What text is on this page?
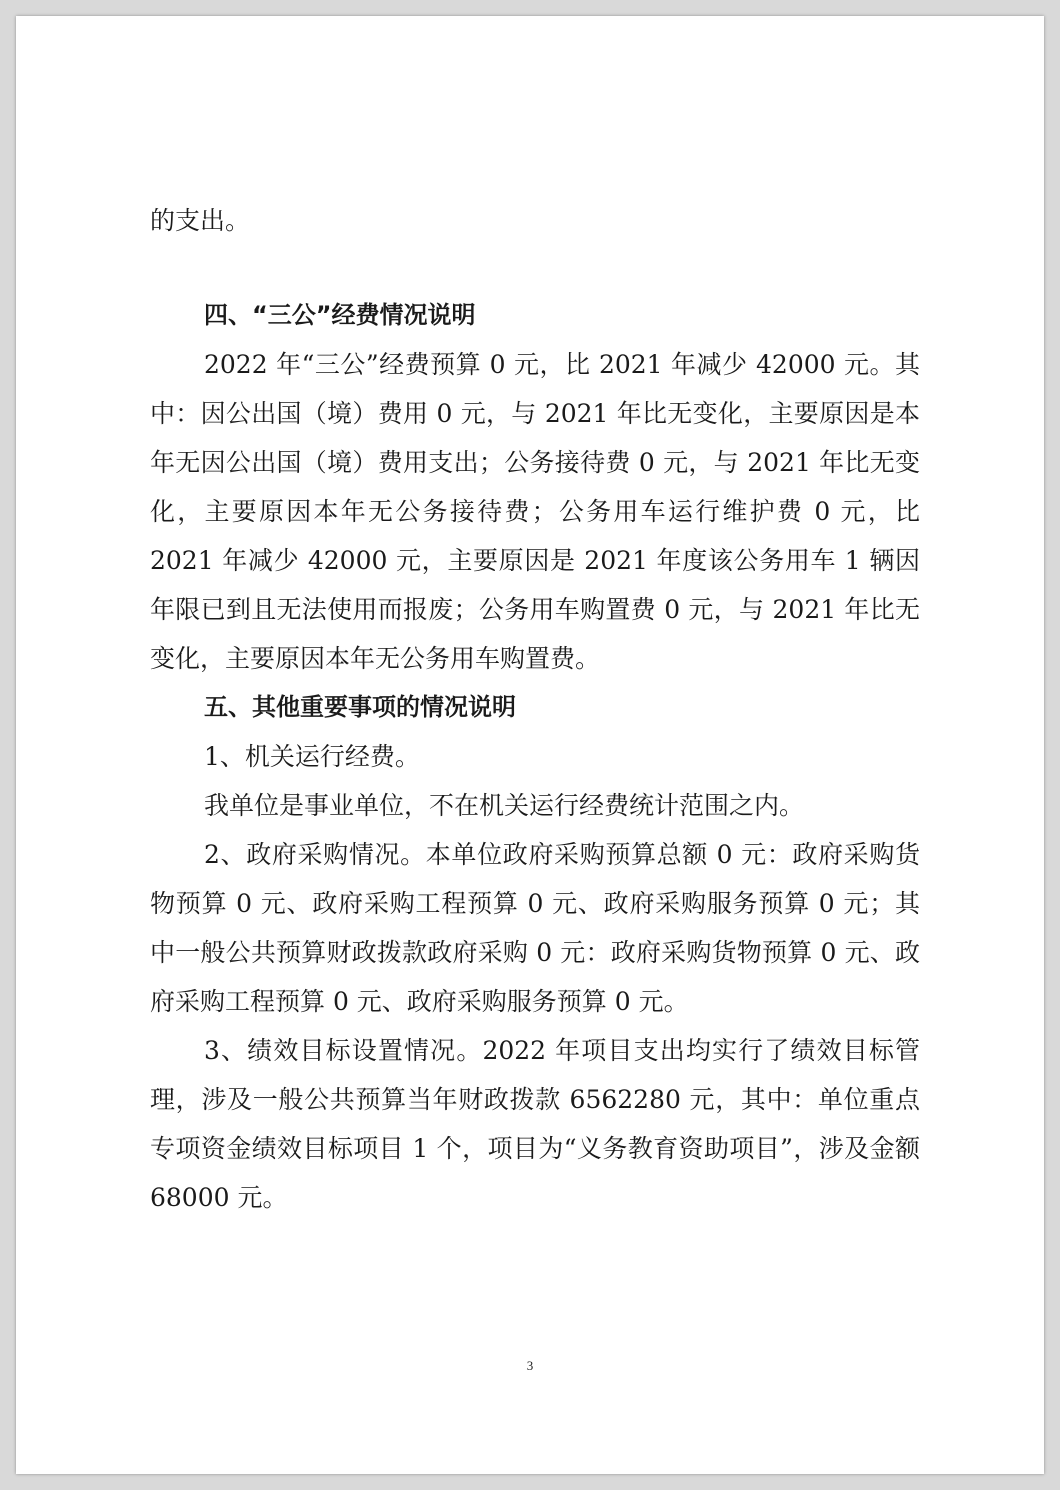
的支出。

四、“三公”经费情况说明

2022 年“三公”经费预算 0 元，比 2021 年减少 42000 元。其中：因公出国（境）费用 0 元，与 2021 年比无变化，主要原因是本年无因公出国（境）费用支出；公务接待费 0 元，与 2021 年比无变化，主要原因本年无公务接待费；公务用车运行维护费 0 元，比 2021 年减少 42000 元，主要原因是 2021 年度该公务用车 1 辆因年限已到且无法使用而报废；公务用车购置费 0 元，与 2021 年比无变化，主要原因本年无公务用车购置费。

五、其他重要事项的情况说明

1、机关运行经费。

我单位是事业单位，不在机关运行经费统计范围之内。

2、政府采购情况。本单位政府采购预算总额 0 元：政府采购货物预算 0 元、政府采购工程预算 0 元、政府采购服务预算 0 元；其中一般公共预算财政拨款政府采购 0 元：政府采购货物预算 0 元、政府采购工程预算 0 元、政府采购服务预算 0 元。

3、绩效目标设置情况。2022 年项目支出均实行了绩效目标管理，涉及一般公共预算当年财政拨款 6562280 元，其中：单位重点专项资金绩效目标项目 1 个，项目为“义务教育资助项目”，涉及金额 68000 元。

3
